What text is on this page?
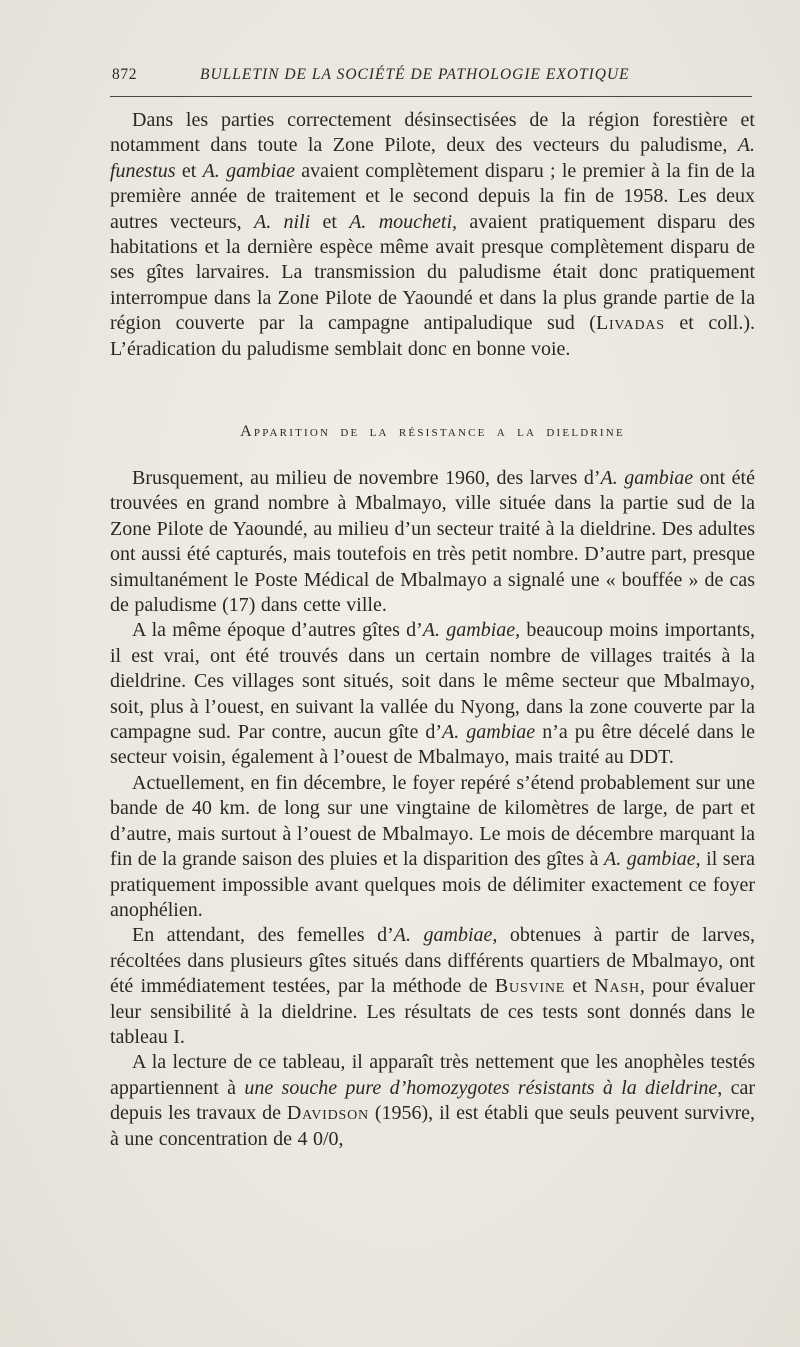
872	BULLETIN DE LA SOCIÉTÉ DE PATHOLOGIE EXOTIQUE

Dans les parties correctement désinsectisées de la région forestière et notamment dans toute la Zone Pilote, deux des vecteurs du paludisme, A. funestus et A. gambiae avaient complètement disparu ; le premier à la fin de la première année de traitement et le second depuis la fin de 1958. Les deux autres vecteurs, A. nili et A. moucheti, avaient pratiquement disparu des habitations et la dernière espèce même avait presque complètement disparu de ses gîtes larvaires. La transmission du paludisme était donc pratiquement interrompue dans la Zone Pilote de Yaoundé et dans la plus grande partie de la région couverte par la campagne antipaludique sud (Livadas et coll.). L’éradication du paludisme semblait donc en bonne voie.

Apparition de la résistance a la dieldrine

Brusquement, au milieu de novembre 1960, des larves d’A. gambiae ont été trouvées en grand nombre à Mbalmayo, ville située dans la partie sud de la Zone Pilote de Yaoundé, au milieu d’un secteur traité à la dieldrine. Des adultes ont aussi été capturés, mais toutefois en très petit nombre. D’autre part, presque simultanément le Poste Médical de Mbalmayo a signalé une « bouffée » de cas de paludisme (17) dans cette ville.

A la même époque d’autres gîtes d’A. gambiae, beaucoup moins importants, il est vrai, ont été trouvés dans un certain nombre de villages traités à la dieldrine. Ces villages sont situés, soit dans le même secteur que Mbalmayo, soit, plus à l’ouest, en suivant la vallée du Nyong, dans la zone couverte par la campagne sud. Par contre, aucun gîte d’A. gambiae n’a pu être décelé dans le secteur voisin, également à l’ouest de Mbalmayo, mais traité au DDT.

Actuellement, en fin décembre, le foyer repéré s’étend probablement sur une bande de 40 km. de long sur une vingtaine de kilomètres de large, de part et d’autre, mais surtout à l’ouest de Mbalmayo. Le mois de décembre marquant la fin de la grande saison des pluies et la disparition des gîtes à A. gambiae, il sera pratiquement impossible avant quelques mois de délimiter exactement ce foyer anophélien.

En attendant, des femelles d’A. gambiae, obtenues à partir de larves, récoltées dans plusieurs gîtes situés dans différents quartiers de Mbalmayo, ont été immédiatement testées, par la méthode de Busvine et Nash, pour évaluer leur sensibilité à la dieldrine. Les résultats de ces tests sont donnés dans le tableau I.

A la lecture de ce tableau, il apparaît très nettement que les anophèles testés appartiennent à une souche pure d’homozygotes résistants à la dieldrine, car depuis les travaux de Davidson (1956), il est établi que seuls peuvent survivre, à une concentration de 4 0/0,
